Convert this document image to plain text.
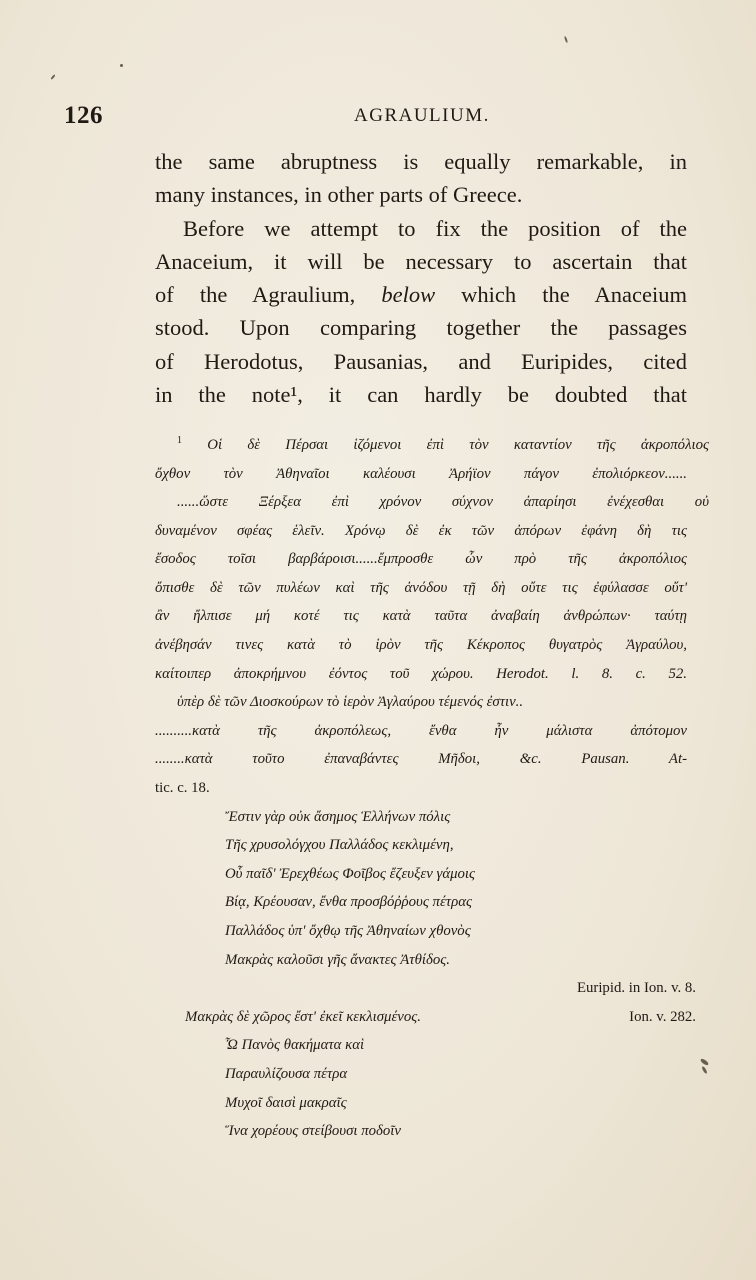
126	AGRAULIUM.
the same abruptness is equally remarkable, in
many instances, in other parts of Greece.
Before we attempt to fix the position of the
Anaceium, it will be necessary to ascertain that
of the Agraulium, below which the Anaceium
stood. Upon comparing together the passages
of Herodotus, Pausanias, and Euripides, cited
in the note¹, it can hardly be doubted that
$^1$ Οἱ δὲ Πέρσαι ἱζόμενοι ἐπὶ τὸν καταντίον τῆς ἀκροπόλιος
ὄχθον τὸν Ἀθηναῖοι καλέουσι Ἀρήϊον πάγον ἐπολιόρκεον......
......ὥστε Ξέρξεα ἐπὶ χρόνον σύχνον ἀπαρίησι ἐνέχεσθαι οὐ
δυναμένον σφέας ἑλεῖν. Χρόνῳ δὲ ἐκ τῶν ἀπόρων ἐφάνη δὴ τις
ἔσοδος τοῖσι βαρβάροισι......ἔμπροσθε ὦν πρὸ τῆς ἀκροπόλιος
ὄπισθε δὲ τῶν πυλέων καὶ τῆς ἀνόδου τῇ δὴ οὔτε τις ἐφύλασσε οὔτ'
ἂν ἤλπισε μή κοτέ τις κατὰ ταῦτα ἀναβαίη ἀνθρώπων· ταύτῃ
ἀνέβησάν τινες κατὰ τὸ ἱρὸν τῆς Κέκροπος θυγατρὸς Ἀγραύλου,
καίτοιπερ ἀποκρήμνου ἐόντος τοῦ χώρου. Herodot. l. 8. c. 52.
ὑπὲρ δὲ τῶν Διοσκούρων τὸ ἱερὸν Ἀγλαύρου τέμενός ἐστιν..
..........κατὰ τῆς ἀκροπόλεως, ἔνθα ἦν μάλιστα ἀπότομον
........κατὰ τοῦτο ἐπαναβάντες Μῆδοι, &c. Pausan. At-
tic. c. 18.
Ἔστιν γὰρ οὐκ ἄσημος Ἑλλήνων πόλις
Τῆς χρυσολόγχου Παλλάδος κεκλιμένη,
Οὗ παῖδ' Ἐρεχθέως Φοῖβος ἔζευξεν γάμοις
Βίᾳ, Κρέουσαν, ἔνθα προσβόῤῥους πέτρας
Παλλάδος ὑπ' ὄχθῳ τῆς Ἀθηναίων χθονὸς
Μακρὰς καλοῦσι γῆς ἄνακτες Ἀτθίδος.
Euripid. in Ion. v. 8.
Μακρὰς δὲ χῶρος ἔστ' ἐκεῖ κεκλισμένος.	Ion. v. 282.
Ὦ Πανὸς θακήματα καὶ
Παραυλίζουσα πέτρα
Μυχοῖ δαισὶ μακραῖς
Ἵνα χορέους στείβουσι ποδοῖν
